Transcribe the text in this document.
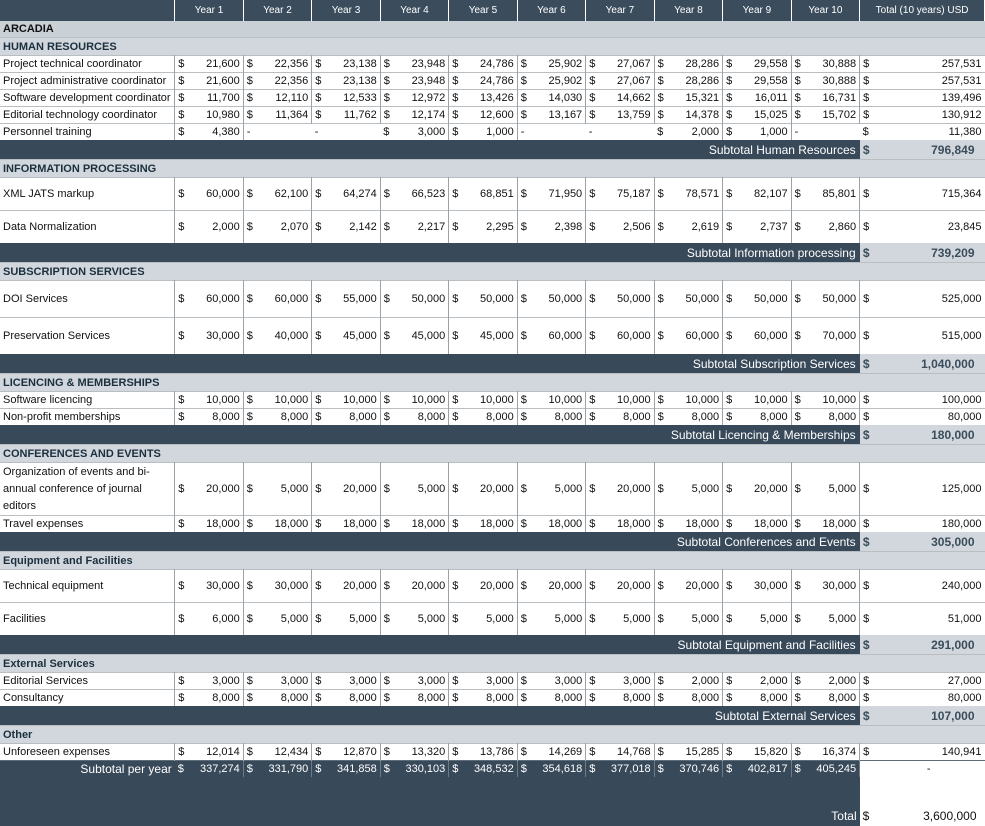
	Year 1		Year 2		Year 3		Year 4		Year 5		Year 6		Year 7		Year 8		Year 9		Year 10		Total (10 years) USD	
ARCADIA																						
HUMAN RESOURCES																						
Project technical coordinator	$	21,600	$	22,356	$	23,138	$	23,948	$	24,786	$	25,902	$	27,067	$	28,286	$	29,558	$	30,888	$	257,531
Project administrative coordinator	$	21,600	$	22,356	$	23,138	$	23,948	$	24,786	$	25,902	$	27,067	$	28,286	$	29,558	$	30,888	$	257,531
Software development coordinator	$	11,700	$	12,110	$	12,533	$	12,972	$	13,426	$	14,030	$	14,662	$	15,321	$	16,011	$	16,731	$	139,496
Editorial technology coordinator	$	10,980	$	11,364	$	11,762	$	12,174	$	12,600	$	13,167	$	13,759	$	14,378	$	15,025	$	15,702	$	130,912
Personnel training	$	4,380	-		-		$	3,000	$	1,000	-		-		$	2,000	$	1,000	-		$	11,380
Subtotal Human Resources																					$	796,849
INFORMATION PROCESSING																						
XML JATS markup	$	60,000	$	62,100	$	64,274	$	66,523	$	68,851	$	71,950	$	75,187	$	78,571	$	82,107	$	85,801	$	715,364
Data Normalization	$	2,000	$	2,070	$	2,142	$	2,217	$	2,295	$	2,398	$	2,506	$	2,619	$	2,737	$	2,860	$	23,845
Subtotal Information processing																					$	739,209
SUBSCRIPTION SERVICES																						
DOI Services	$	60,000	$	60,000	$	55,000	$	50,000	$	50,000	$	50,000	$	50,000	$	50,000	$	50,000	$	50,000	$	525,000
Preservation Services	$	30,000	$	40,000	$	45,000	$	45,000	$	45,000	$	60,000	$	60,000	$	60,000	$	60,000	$	70,000	$	515,000
Subtotal Subscription Services																					$	1,040,000
LICENCING & MEMBERSHIPS																						
Software licencing	$	10,000	$	10,000	$	10,000	$	10,000	$	10,000	$	10,000	$	10,000	$	10,000	$	10,000	$	10,000	$	100,000
Non-profit memberships	$	8,000	$	8,000	$	8,000	$	8,000	$	8,000	$	8,000	$	8,000	$	8,000	$	8,000	$	8,000	$	80,000
Subtotal Licencing & Memberships																					$	180,000
CONFERENCES AND EVENTS																						
Organization of events and bi-annual conference of journal editors	$	20,000	$	5,000	$	20,000	$	5,000	$	20,000	$	5,000	$	20,000	$	5,000	$	20,000	$	5,000	$	125,000
Travel expenses	$	18,000	$	18,000	$	18,000	$	18,000	$	18,000	$	18,000	$	18,000	$	18,000	$	18,000	$	18,000	$	180,000
Subtotal Conferences and Events																					$	305,000
Equipment and Facilities																						
Technical equipment	$	30,000	$	30,000	$	20,000	$	20,000	$	20,000	$	20,000	$	20,000	$	20,000	$	30,000	$	30,000	$	240,000
Facilities	$	6,000	$	5,000	$	5,000	$	5,000	$	5,000	$	5,000	$	5,000	$	5,000	$	5,000	$	5,000	$	51,000
Subtotal Equipment and Facilities																					$	291,000
External Services																						
Editorial Services	$	3,000	$	3,000	$	3,000	$	3,000	$	3,000	$	3,000	$	3,000	$	2,000	$	2,000	$	2,000	$	27,000
Consultancy	$	8,000	$	8,000	$	8,000	$	8,000	$	8,000	$	8,000	$	8,000	$	8,000	$	8,000	$	8,000	$	80,000
Subtotal External Services																					$	107,000
Other																						
Unforeseen expenses	$	12,014	$	12,434	$	12,870	$	13,320	$	13,786	$	14,269	$	14,768	$	15,285	$	15,820	$	16,374	$	140,941
Subtotal per year	$	337,274	$	331,790	$	341,858	$	330,103	$	348,532	$	354,618	$	377,018	$	370,746	$	402,817	$	405,245		-
Total																					$	3,600,000
